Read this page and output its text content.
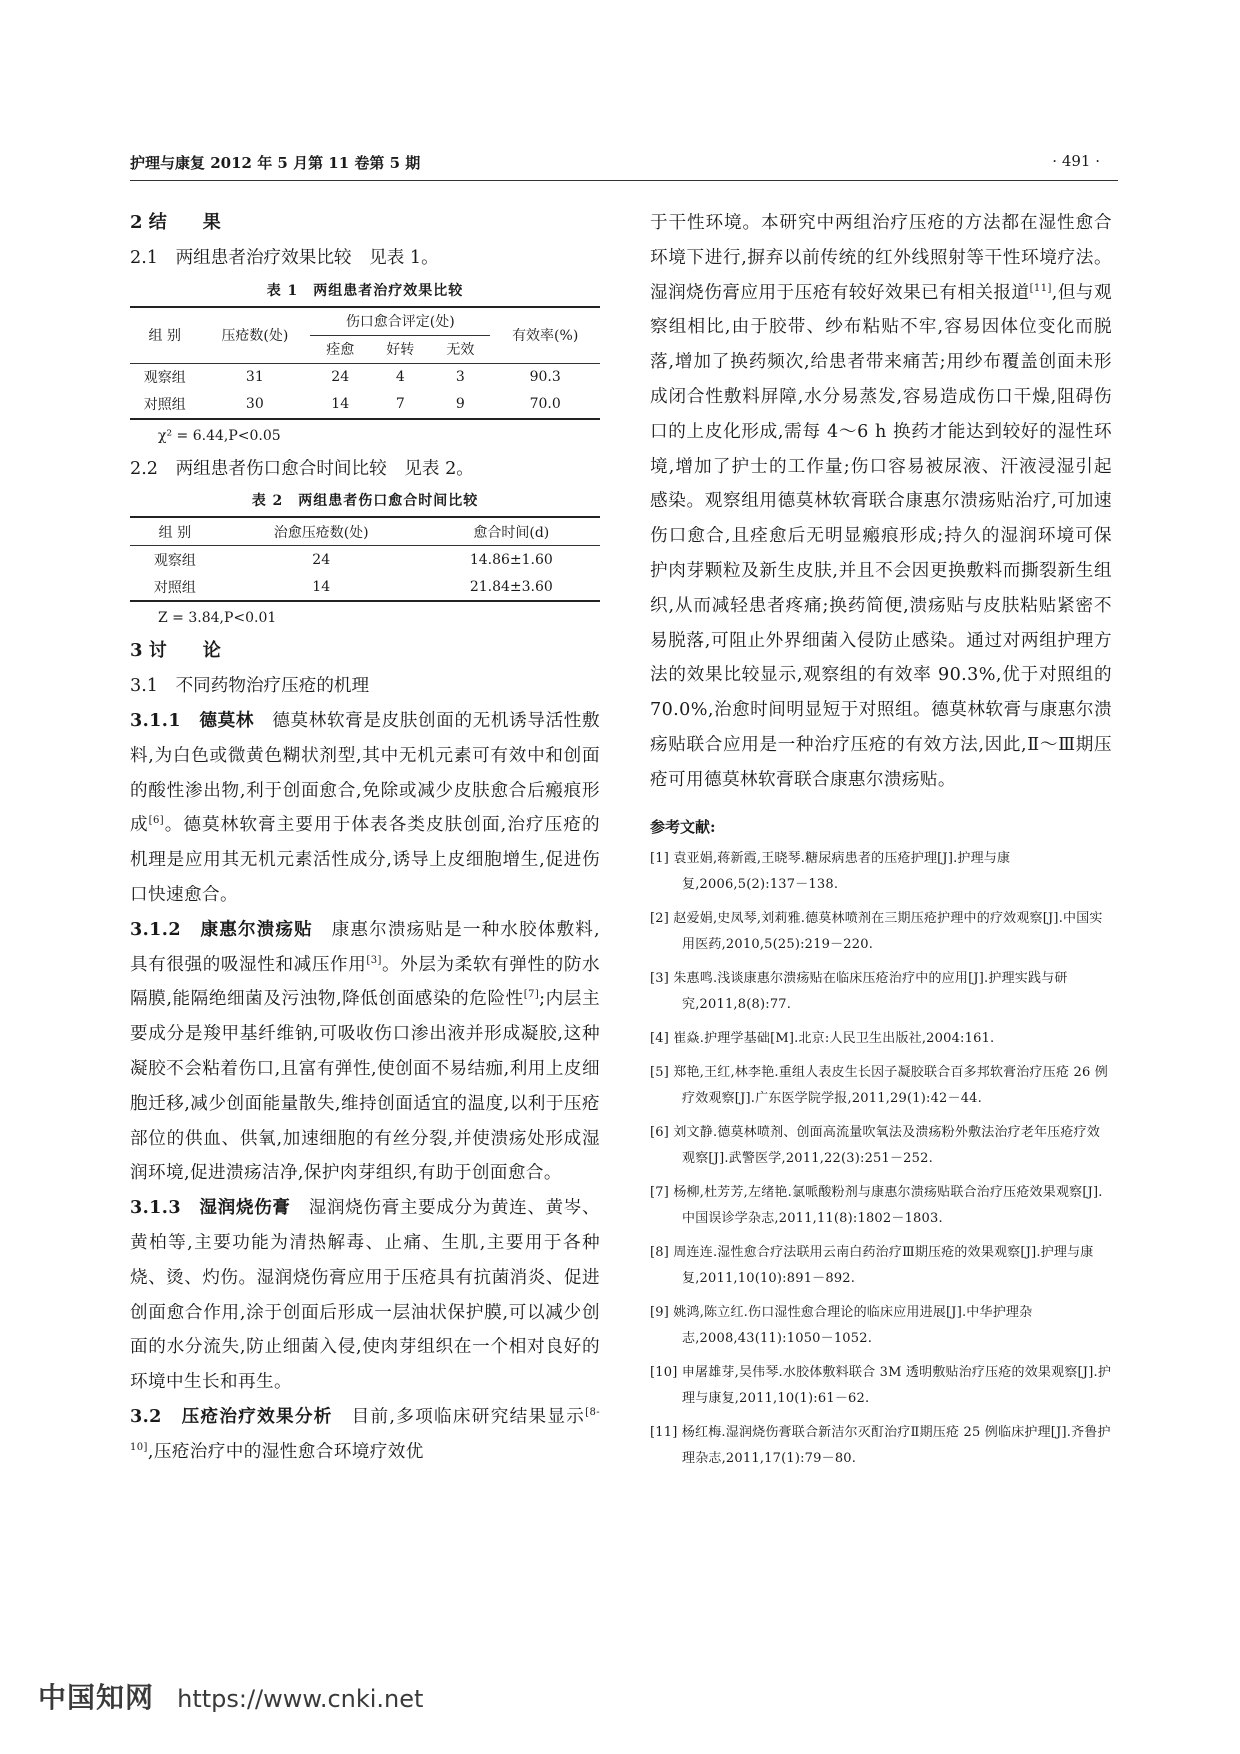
护理与康复 2012 年 5 月第 11 卷第 5 期	· 491 ·

2 结　　果

2.1　两组患者治疗效果比较　见表 1。

表 1　两组患者治疗效果比较

组 别	压疮数(处)	伤口愈合评定(处)			有效率(%)
		痊愈	好转	无效	
观察组	31	24	4	3	90.3
对照组	30	14	7	9	70.0

χ² = 6.44,P<0.05

2.2　两组患者伤口愈合时间比较　见表 2。

表 2　两组患者伤口愈合时间比较

组 别	治愈压疮数(处)	愈合时间(d)
观察组	24	14.86±1.60
对照组	14	21.84±3.60

Z = 3.84,P<0.01

3 讨　　论

3.1　不同药物治疗压疮的机理

3.1.1　德莫林　德莫林软膏是皮肤创面的无机诱导活性敷料,为白色或微黄色糊状剂型,其中无机元素可有效中和创面的酸性渗出物,利于创面愈合,免除或减少皮肤愈合后瘢痕形成[6]。德莫林软膏主要用于体表各类皮肤创面,治疗压疮的机理是应用其无机元素活性成分,诱导上皮细胞增生,促进伤口快速愈合。

3.1.2　康惠尔溃疡贴　康惠尔溃疡贴是一种水胶体敷料,具有很强的吸湿性和减压作用[3]。外层为柔软有弹性的防水隔膜,能隔绝细菌及污浊物,降低创面感染的危险性[7];内层主要成分是羧甲基纤维钠,可吸收伤口渗出液并形成凝胶,这种凝胶不会粘着伤口,且富有弹性,使创面不易结痂,利用上皮细胞迁移,减少创面能量散失,维持创面适宜的温度,以利于压疮部位的供血、供氧,加速细胞的有丝分裂,并使溃疡处形成湿润环境,促进溃疡洁净,保护肉芽组织,有助于创面愈合。

3.1.3　湿润烧伤膏　湿润烧伤膏主要成分为黄连、黄岑、黄柏等,主要功能为清热解毒、止痛、生肌,主要用于各种烧、烫、灼伤。湿润烧伤膏应用于压疮具有抗菌消炎、促进创面愈合作用,涂于创面后形成一层油状保护膜,可以减少创面的水分流失,防止细菌入侵,使肉芽组织在一个相对良好的环境中生长和再生。

3.2　压疮治疗效果分析　目前,多项临床研究结果显示[8-10],压疮治疗中的湿性愈合环境疗效优

于干性环境。本研究中两组治疗压疮的方法都在湿性愈合环境下进行,摒弃以前传统的红外线照射等干性环境疗法。湿润烧伤膏应用于压疮有较好效果已有相关报道[11],但与观察组相比,由于胶带、纱布粘贴不牢,容易因体位变化而脱落,增加了换药频次,给患者带来痛苦;用纱布覆盖创面未形成闭合性敷料屏障,水分易蒸发,容易造成伤口干燥,阻碍伤口的上皮化形成,需每 4～6 h 换药才能达到较好的湿性环境,增加了护士的工作量;伤口容易被尿液、汗液浸湿引起感染。观察组用德莫林软膏联合康惠尔溃疡贴治疗,可加速伤口愈合,且痊愈后无明显瘢痕形成;持久的湿润环境可保护肉芽颗粒及新生皮肤,并且不会因更换敷料而撕裂新生组织,从而减轻患者疼痛;换药简便,溃疡贴与皮肤粘贴紧密不易脱落,可阻止外界细菌入侵防止感染。通过对两组护理方法的效果比较显示,观察组的有效率 90.3%,优于对照组的 70.0%,治愈时间明显短于对照组。德莫林软膏与康惠尔溃疡贴联合应用是一种治疗压疮的有效方法,因此,Ⅱ～Ⅲ期压疮可用德莫林软膏联合康惠尔溃疡贴。

参考文献:

[1] 袁亚娟,蒋新霞,王晓琴.糖尿病患者的压疮护理[J].护理与康复,2006,5(2):137－138.

[2] 赵爱娟,史凤琴,刘莉雅.德莫林喷剂在三期压疮护理中的疗效观察[J].中国实用医药,2010,5(25):219－220.

[3] 朱惠鸣.浅谈康惠尔溃疡贴在临床压疮治疗中的应用[J].护理实践与研究,2011,8(8):77.

[4] 崔焱.护理学基础[M].北京:人民卫生出版社,2004:161.

[5] 郑艳,王红,林李艳.重组人表皮生长因子凝胶联合百多邦软膏治疗压疮 26 例疗效观察[J].广东医学院学报,2011,29(1):42－44.

[6] 刘文静.德莫林喷剂、创面高流量吹氧法及溃疡粉外敷法治疗老年压疮疗效观察[J].武警医学,2011,22(3):251－252.

[7] 杨柳,杜芳芳,左绪艳.氯哌酸粉剂与康惠尔溃疡贴联合治疗压疮效果观察[J].中国误诊学杂志,2011,11(8):1802－1803.

[8] 周连连.湿性愈合疗法联用云南白药治疗Ⅲ期压疮的效果观察[J].护理与康复,2011,10(10):891－892.

[9] 姚鸿,陈立红.伤口湿性愈合理论的临床应用进展[J].中华护理杂志,2008,43(11):1050－1052.

[10] 申屠雄芽,吴伟琴.水胶体敷料联合 3M 透明敷贴治疗压疮的效果观察[J].护理与康复,2011,10(1):61－62.

[11] 杨红梅.湿润烧伤膏联合新洁尔灭酊治疗Ⅱ期压疮 25 例临床护理[J].齐鲁护理杂志,2011,17(1):79－80.

中国知网 https://www.cnki.net
